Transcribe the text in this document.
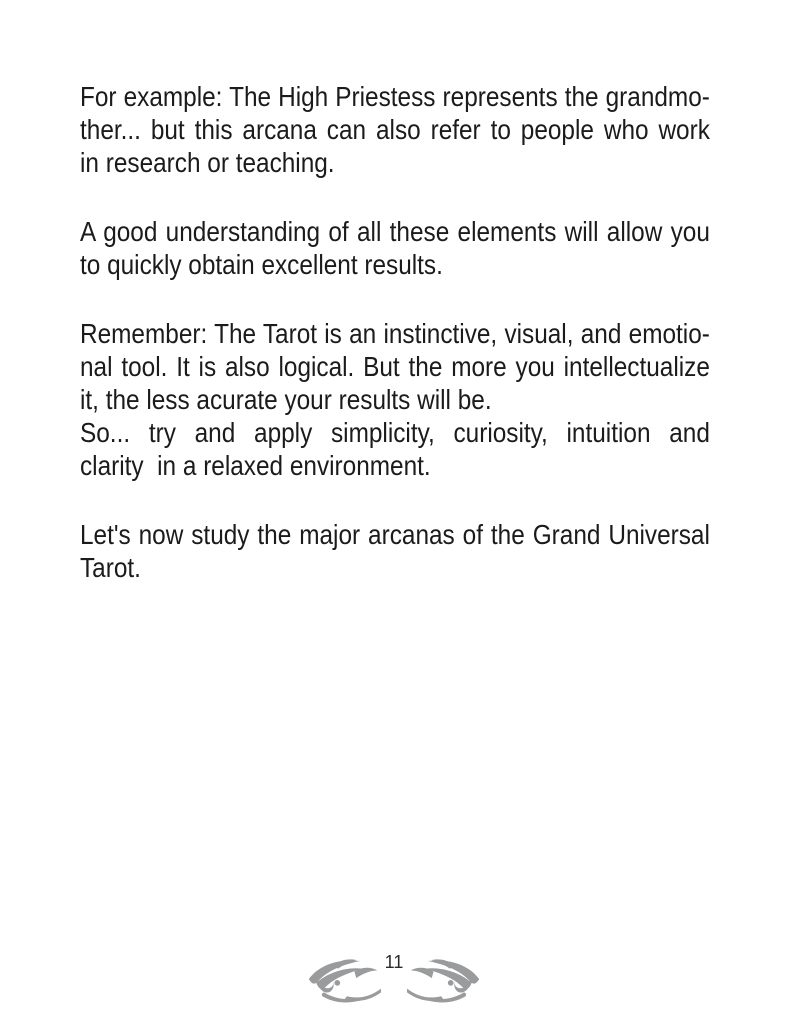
For example: The High Priestess represents the grandmo-
ther... but this arcana can also refer to people who work
in research or teaching.
A good understanding of all these elements will allow you
to quickly obtain excellent results.
Remember: The Tarot is an instinctive, visual, and emotio-
nal tool. It is also logical. But the more you intellectualize
it, the less acurate your results will be.
So... try and apply simplicity, curiosity, intuition and
clarity  in a relaxed environment.
Let's now study the major arcanas of the Grand Universal
Tarot.
11
